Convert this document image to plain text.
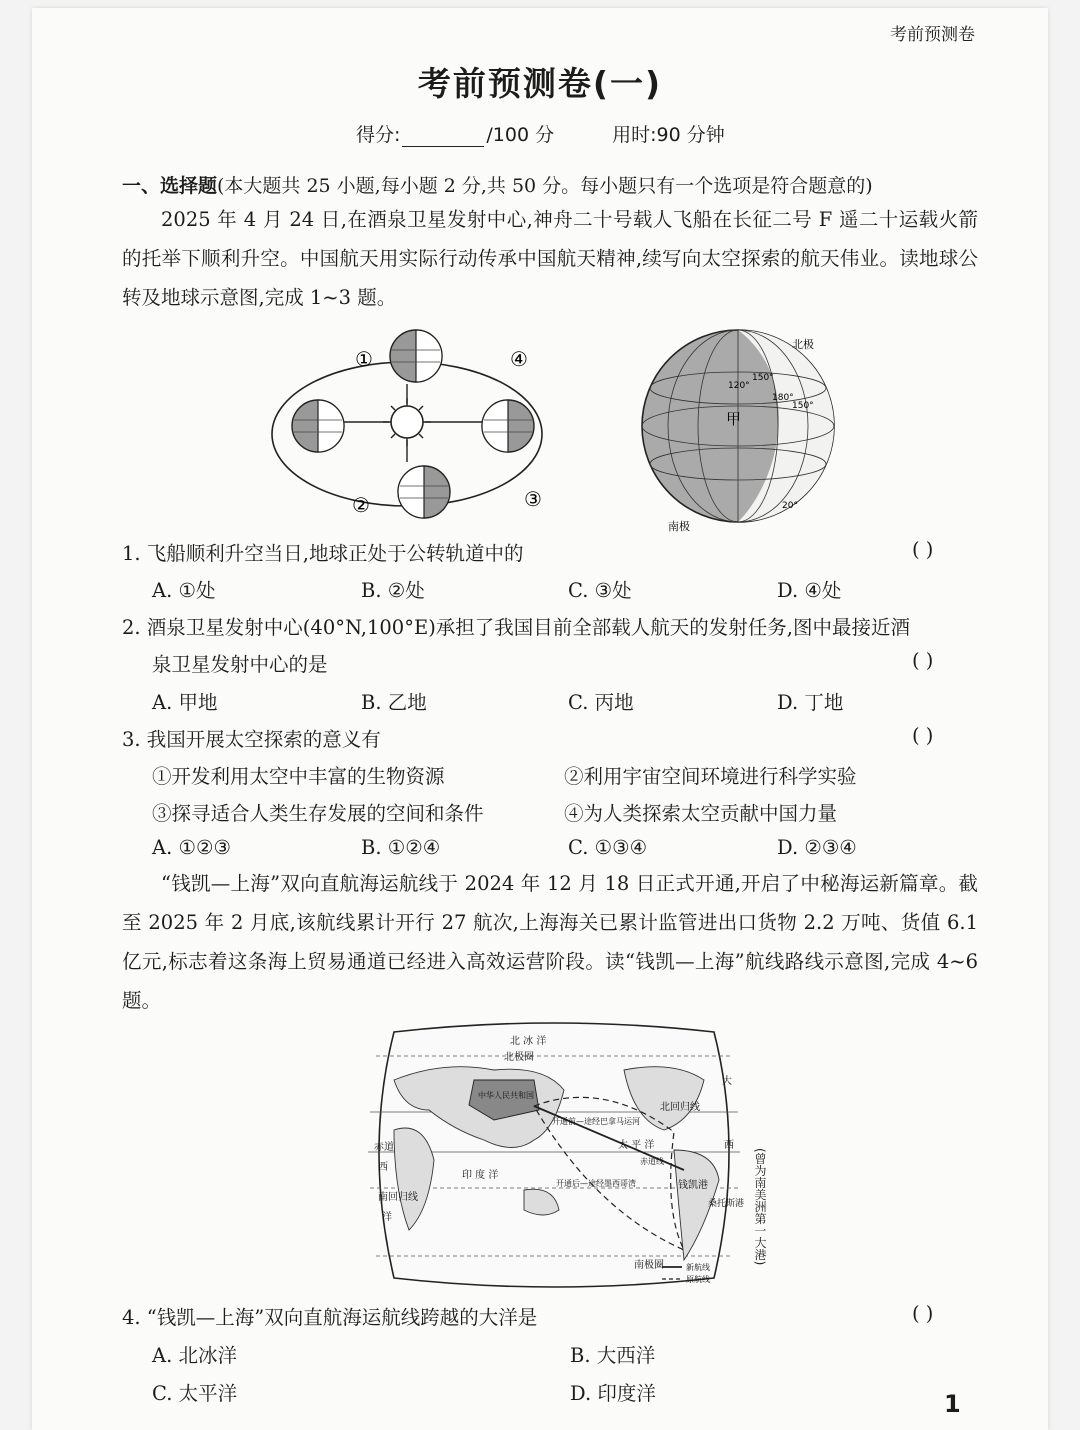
考前预测卷
考前预测卷(一)
得分:	/100 分	用时:90 分钟
一、选择题(本大题共 25 小题,每小题 2 分,共 50 分。每小题只有一个选项是符合题意的)
2025 年 4 月 24 日,在酒泉卫星发射中心,神舟二十号载人飞船在长征二号 F 遥二十运载火箭的托举下顺利升空。中国航天用实际行动传承中国航天精神,续写向太空探索的航天伟业。读地球公转及地球示意图,完成 1~3 题。
①
②	③
④
北极
南极
甲
120°
150°
180°
150°
20°
1. 飞船顺利升空当日,地球正处于公转轨道中的	( )
A. ①处	B. ②处	C. ③处	D. ④处
2. 酒泉卫星发射中心(40°N,100°E)承担了我国目前全部载人航天的发射任务,图中最接近酒
泉卫星发射中心的是	( )
A. 甲地	B. 乙地	C. 丙地	D. 丁地
3. 我国开展太空探索的意义有	( )
①开发利用太空中丰富的生物资源	②利用宇宙空间环境进行科学实验
③探寻适合人类生存发展的空间和条件	④为人类探索太空贡献中国力量
A. ①②③	B. ①②④	C. ①③④	D. ②③④
“钱凯—上海”双向直航海运航线于 2024 年 12 月 18 日正式开通,开启了中秘海运新篇章。截至 2025 年 2 月底,该航线累计开行 27 航次,上海海关已累计监管进出口货物 2.2 万吨、货值 6.1 亿元,标志着这条海上贸易通道已经进入高效运营阶段。读“钱凯—上海”航线路线示意图,完成 4~6 题。
北 冰 洋
北极圈
中华人民共和国
北回归线
开通前—途经巴拿马运河
太 平 洋
赤道
赤道线
印 度 洋
西
洋
南回归线
开通后—途经墨西哥湾	钱凯港
桑托斯港
南极圈
大
西
新航线
原航线
(曾为南美洲第一大港)
4. “钱凯—上海”双向直航海运航线跨越的大洋是	( )
A. 北冰洋	B. 大西洋
C. 太平洋	D. 印度洋	1
